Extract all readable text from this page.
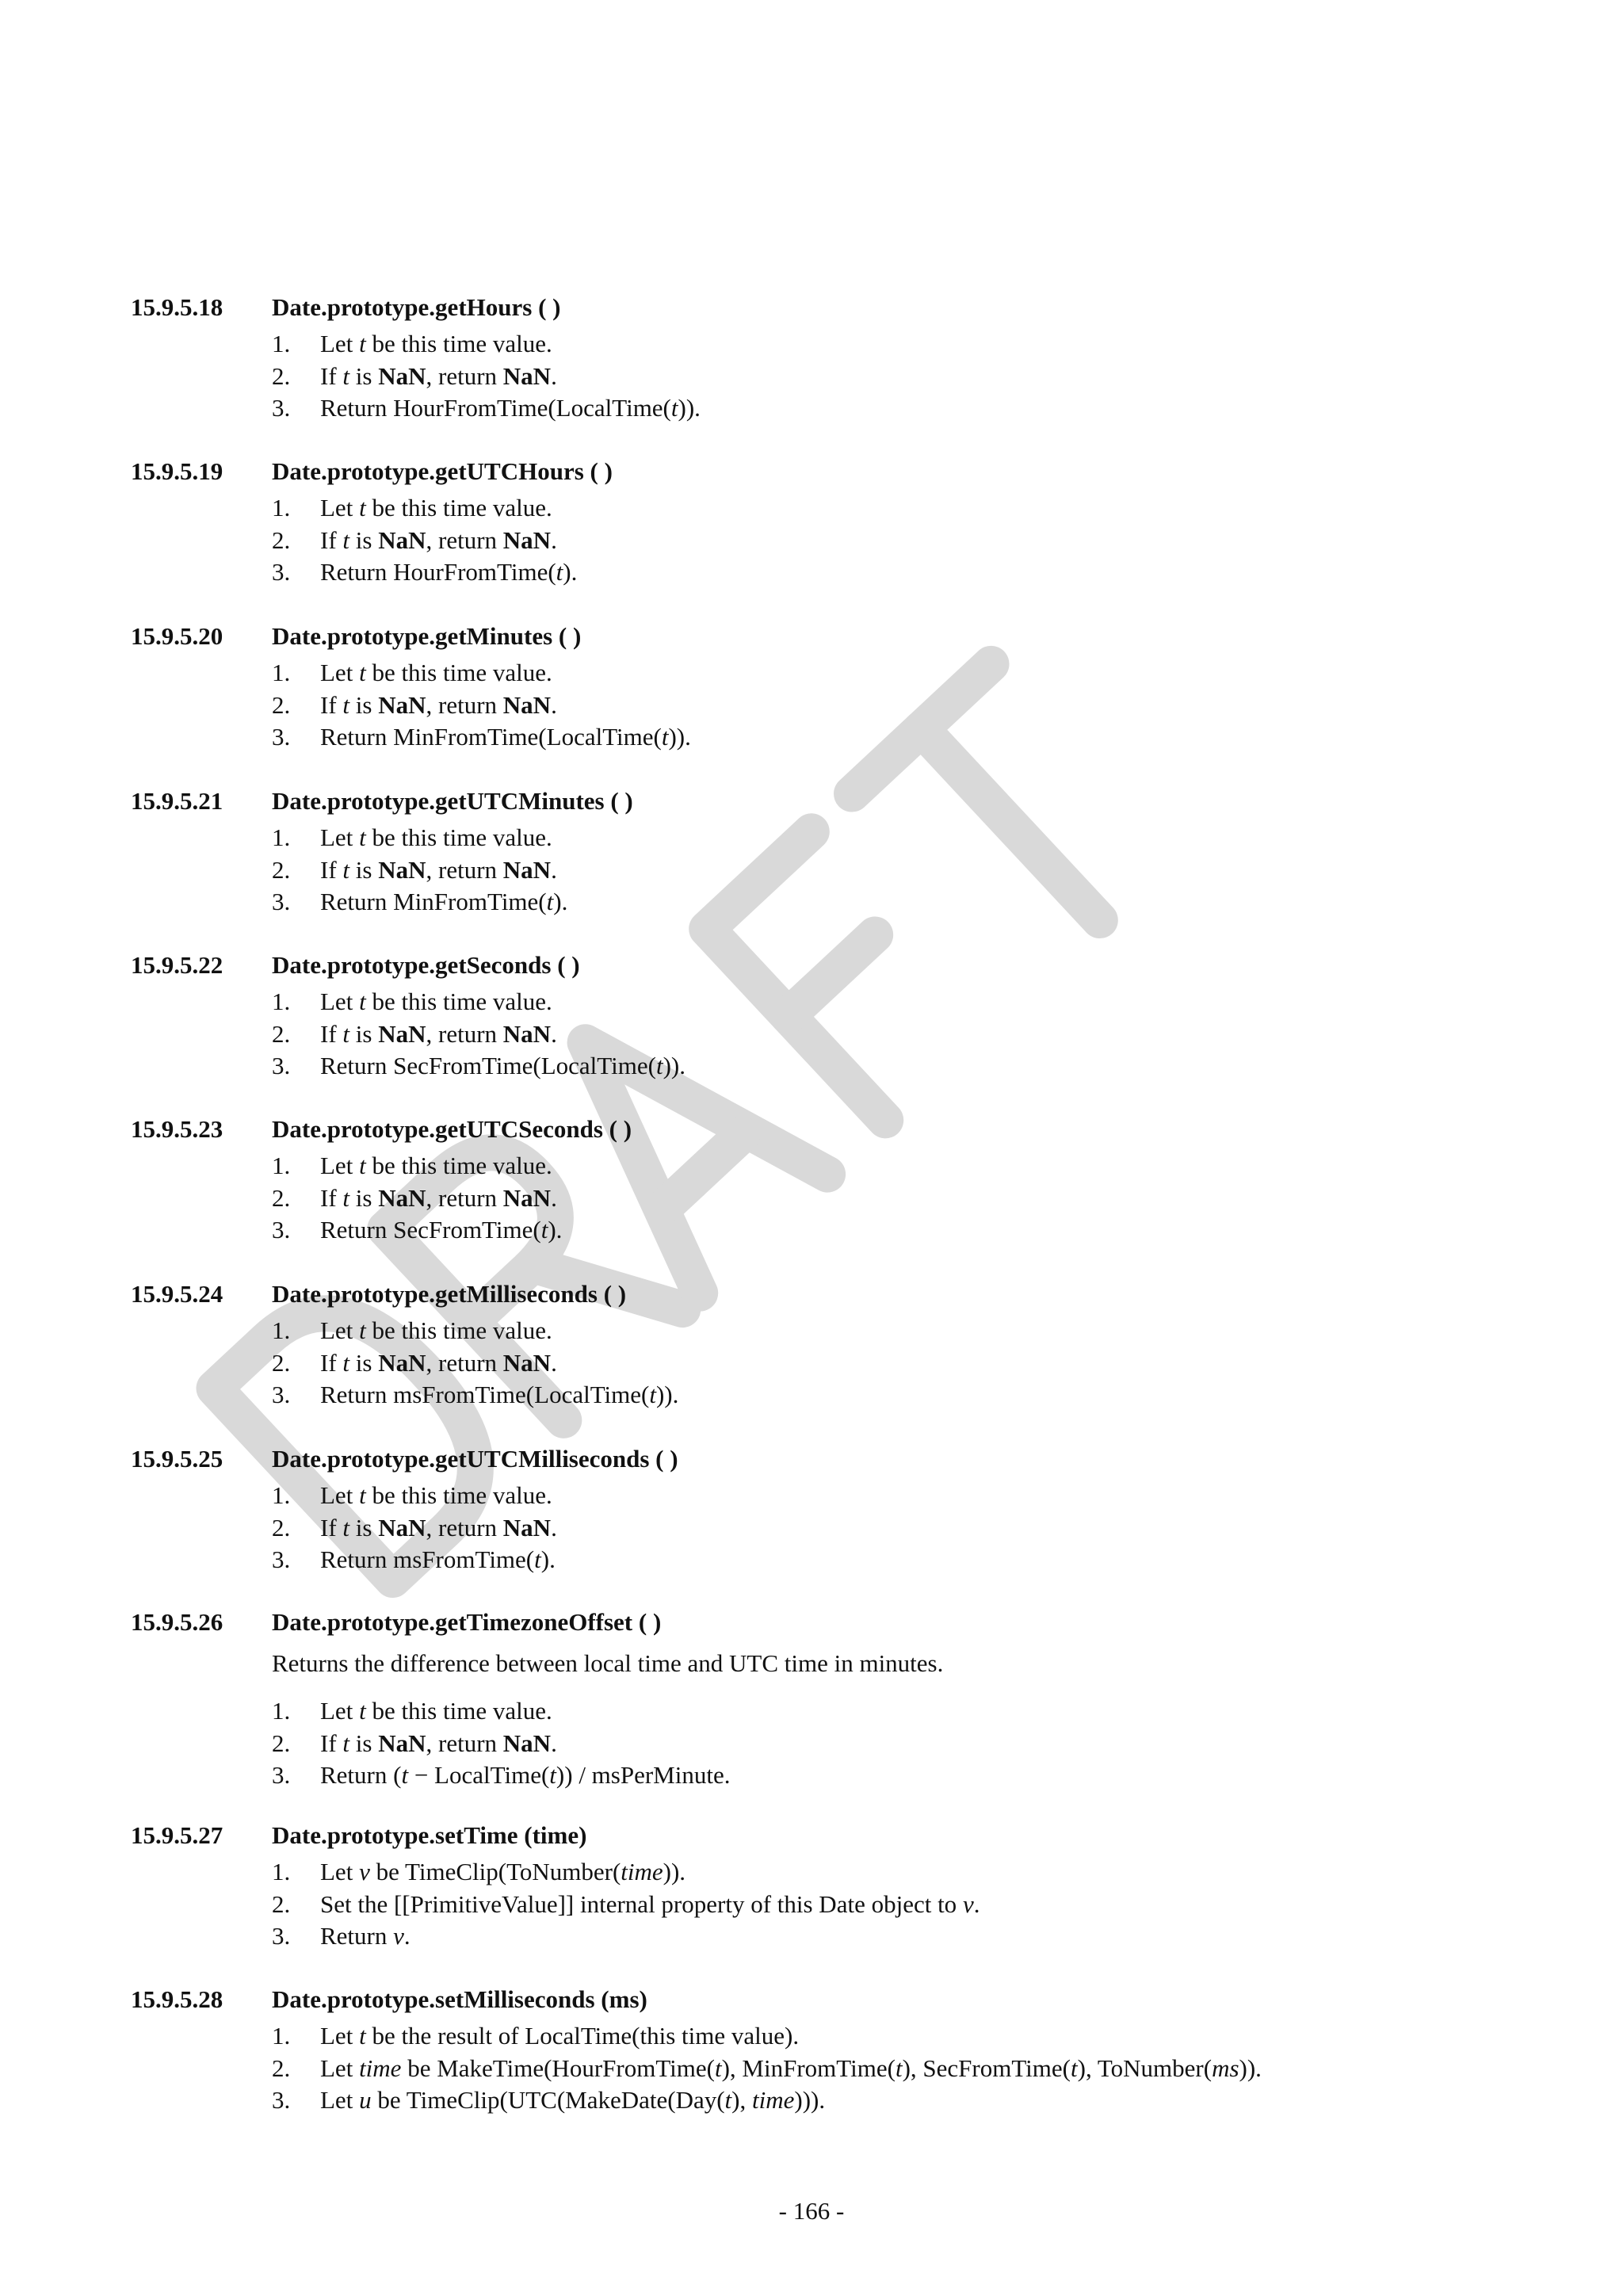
15.9.5.18 Date.prototype.getHours ( )
1. Let t be this time value.
2. If t is NaN, return NaN.
3. Return HourFromTime(LocalTime(t)).
15.9.5.19 Date.prototype.getUTCHours ( )
1. Let t be this time value.
2. If t is NaN, return NaN.
3. Return HourFromTime(t).
15.9.5.20 Date.prototype.getMinutes ( )
1. Let t be this time value.
2. If t is NaN, return NaN.
3. Return MinFromTime(LocalTime(t)).
15.9.5.21 Date.prototype.getUTCMinutes ( )
1. Let t be this time value.
2. If t is NaN, return NaN.
3. Return MinFromTime(t).
15.9.5.22 Date.prototype.getSeconds ( )
1. Let t be this time value.
2. If t is NaN, return NaN.
3. Return SecFromTime(LocalTime(t)).
15.9.5.23 Date.prototype.getUTCSeconds ( )
1. Let t be this time value.
2. If t is NaN, return NaN.
3. Return SecFromTime(t).
15.9.5.24 Date.prototype.getMilliseconds ( )
1. Let t be this time value.
2. If t is NaN, return NaN.
3. Return msFromTime(LocalTime(t)).
15.9.5.25 Date.prototype.getUTCMilliseconds ( )
1. Let t be this time value.
2. If t is NaN, return NaN.
3. Return msFromTime(t).
15.9.5.26 Date.prototype.getTimezoneOffset ( )
Returns the difference between local time and UTC time in minutes.
1. Let t be this time value.
2. If t is NaN, return NaN.
3. Return (t − LocalTime(t)) / msPerMinute.
15.9.5.27 Date.prototype.setTime (time)
1. Let v be TimeClip(ToNumber(time)).
2. Set the [[PrimitiveValue]] internal property of this Date object to v.
3. Return v.
15.9.5.28 Date.prototype.setMilliseconds (ms)
1. Let t be the result of LocalTime(this time value).
2. Let time be MakeTime(HourFromTime(t), MinFromTime(t), SecFromTime(t), ToNumber(ms)).
3. Let u be TimeClip(UTC(MakeDate(Day(t), time))).
- 166 -
